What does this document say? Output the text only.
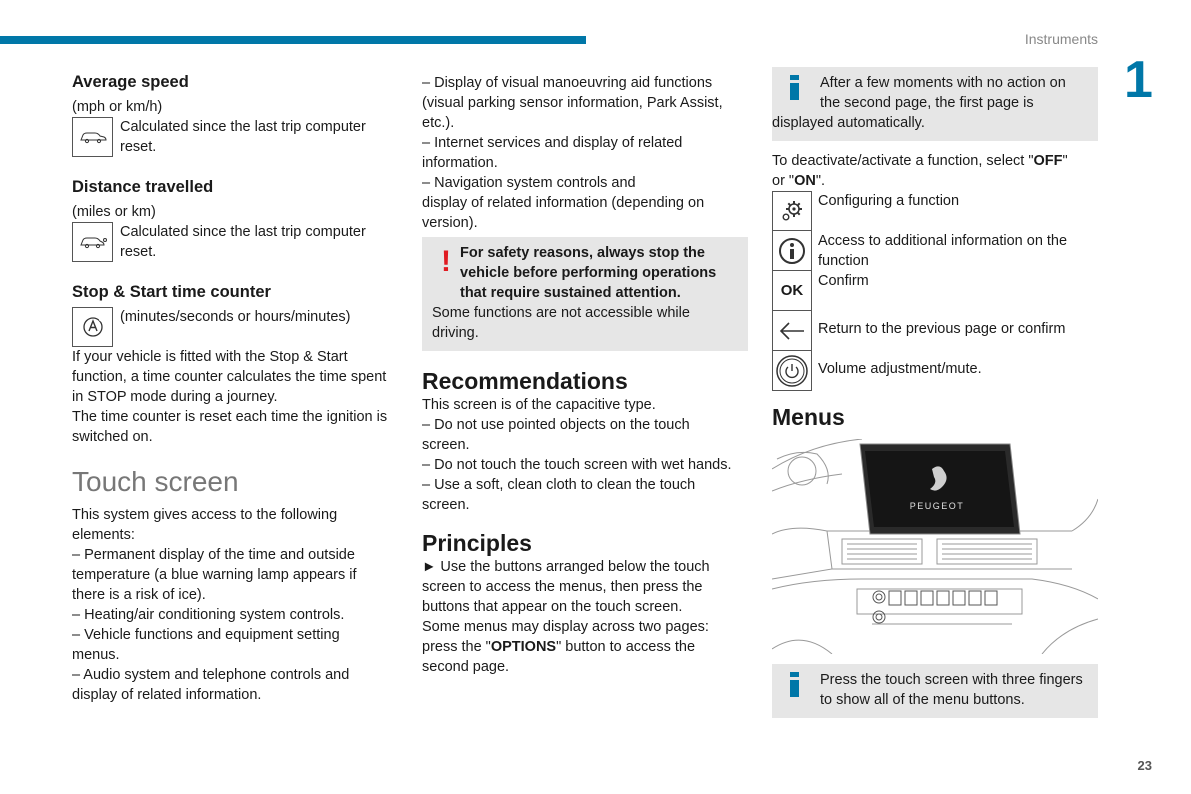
Instruments
1
23
Average speed
(mph or km/h)
Calculated since the last trip computer
reset.
Distance travelled
(miles or km)
Calculated since the last trip computer
reset.
Stop & Start time counter
(minutes/seconds or hours/minutes)
If your vehicle is fitted with the Stop & Start
function, a time counter calculates the time spent
in STOP mode during a journey.
The time counter is reset each time the ignition is
switched on.
Touch screen
This system gives access to the following
elements:
– Permanent display of the time and outside
temperature (a blue warning lamp appears if
there is a risk of ice).
– Heating/air conditioning system controls.
– Vehicle functions and equipment setting
menus.
– Audio system and telephone controls and
display of related information.
– Display of visual manoeuvring aid functions
(visual parking sensor information, Park Assist,
etc.).
– Internet services and display of related
information.
– Navigation system controls and
display of related information (depending on
version).
! For safety reasons, always stop the
vehicle before performing operations
that require sustained attention.
Some functions are not accessible while
driving.
Recommendations
This screen is of the capacitive type.
– Do not use pointed objects on the touch
screen.
– Do not touch the touch screen with wet hands.
– Use a soft, clean cloth to clean the touch
screen.
Principles
► Use the buttons arranged below the touch
screen to access the menus, then press the
buttons that appear on the touch screen.
Some menus may display across two pages:
press the "OPTIONS" button to access the
second page.
After a few moments with no action on
the second page, the first page is
displayed automatically.
To deactivate/activate a function, select "OFF"
or "ON".
Configuring a function
Access to additional information on the
function
OK
Confirm
Return to the previous page or confirm
Volume adjustment/mute.
Menus
PEUGEOT
Press the touch screen with three fingers
to show all of the menu buttons.
